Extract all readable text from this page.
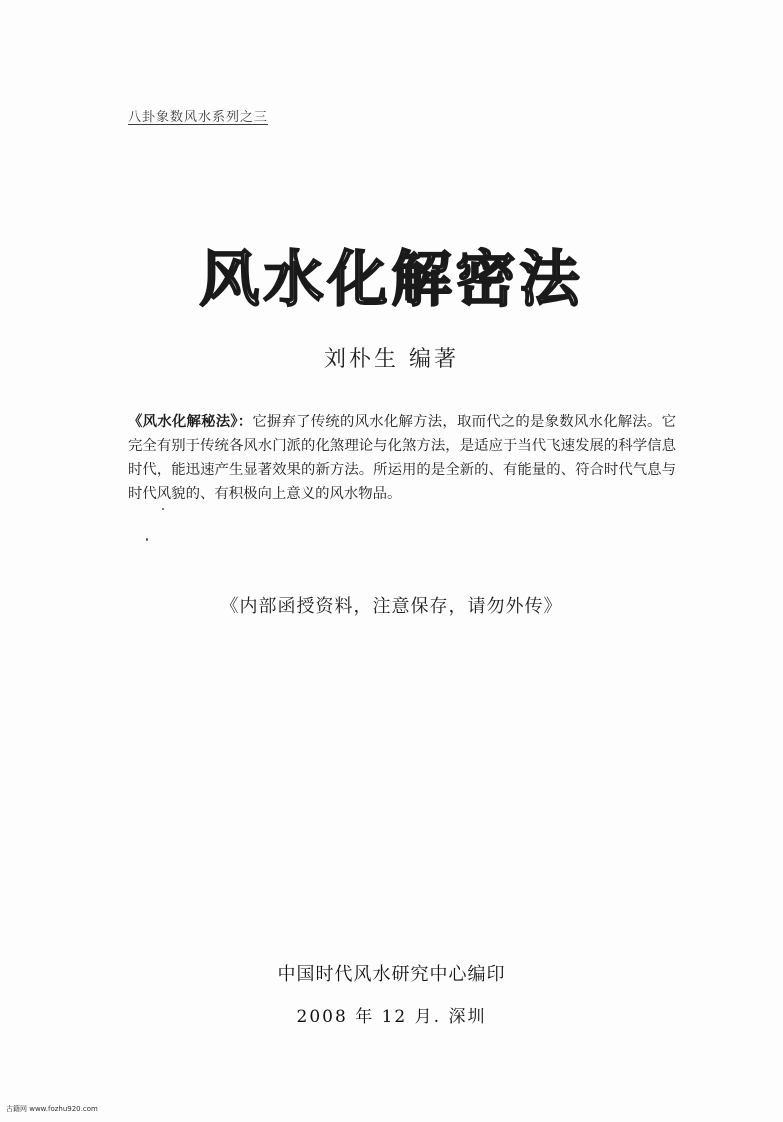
八卦象数风水系列之三
风水化解密法
刘朴生 编著

《风水化解秘法》：它摒弃了传统的风水化解方法，取而代之的是象数风水化解法。它完全有别于传统各风水门派的化煞理论与化煞方法，是适应于当代飞速发展的科学信息时代，能迅速产生显著效果的新方法。所运用的是全新的、有能量的、符合时代气息与时代风貌的、有积极向上意义的风水物品。

《内部函授资料，注意保存，请勿外传》
中国时代风水研究中心编印
2008 年 12 月. 深圳
古籍网 www.fozhu920.com
